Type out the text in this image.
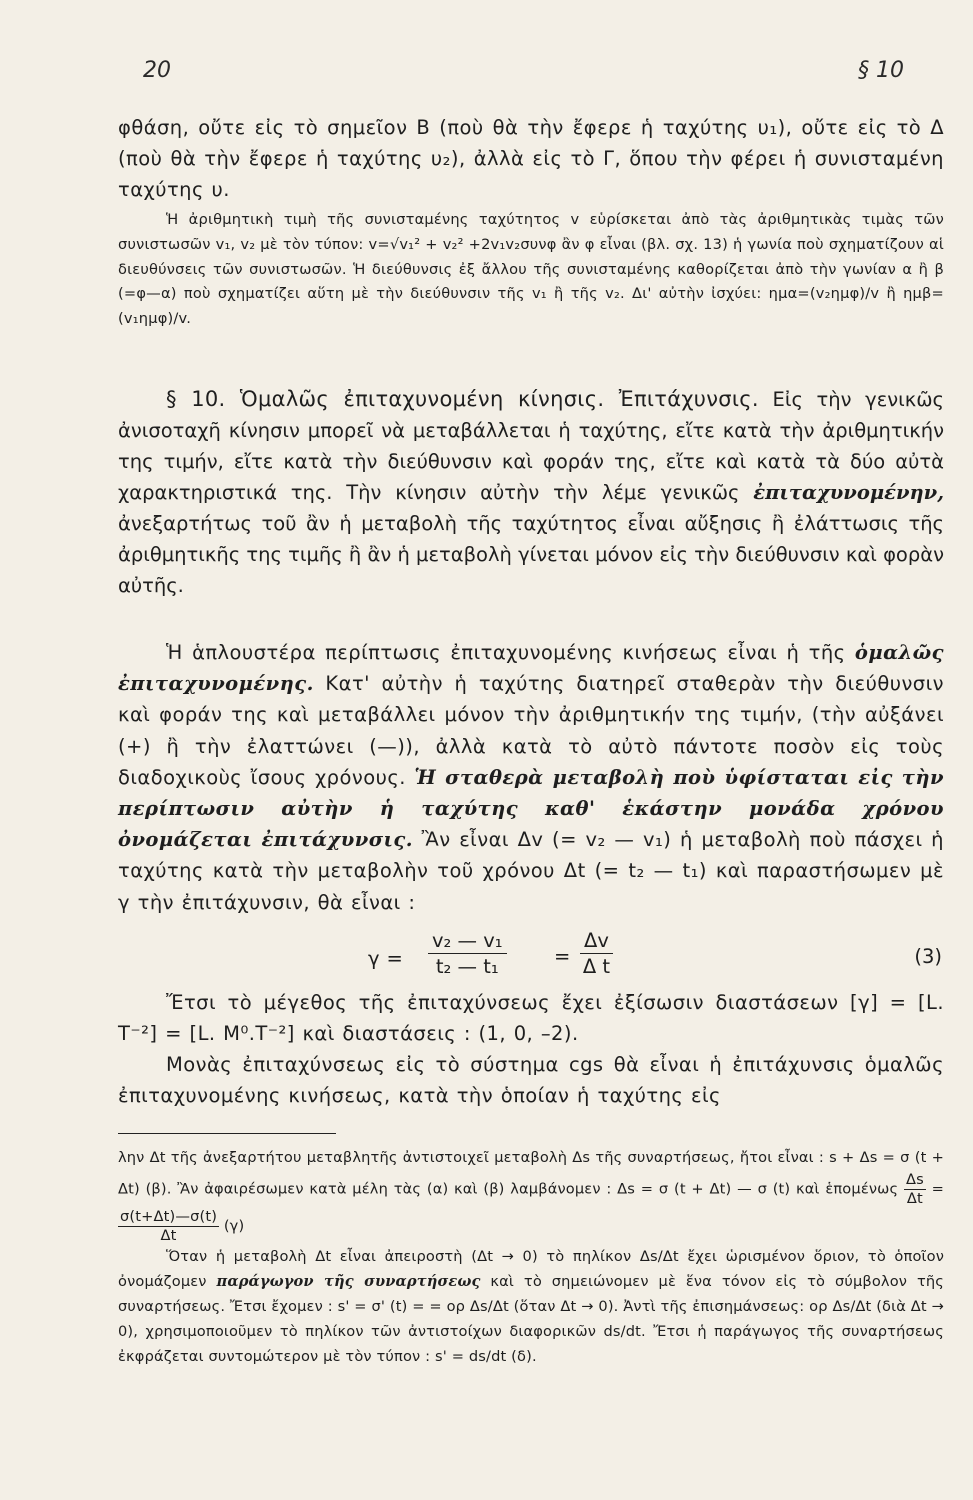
20	§ 10

φθάση, οὔτε εἰς τὸ σημεῖον Β (ποὺ θὰ τὴν ἔφερε ἡ ταχύτης υ₁), οὔτε εἰς τὸ Δ (ποὺ θὰ τὴν ἔφερε ἡ ταχύτης υ₂), ἀλλὰ εἰς τὸ Γ, ὅπου τὴν φέρει ἡ συνισταμένη ταχύτης υ.

Ἡ ἀριθμητικὴ τιμὴ τῆς συνισταμένης ταχύτητος v εὑρίσκεται ἀπὸ τὰς ἀριθμητικὰς τιμὰς τῶν συνιστωσῶν v₁, v₂ μὲ τὸν τύπον: v=√v₁² + v₂² +2v₁v₂συνφ ἂν φ εἶναι (βλ. σχ. 13) ἡ γωνία ποὺ σχηματίζουν αἱ διευθύνσεις τῶν συνιστωσῶν. Ἡ διεύθυνσις ἐξ ἄλλου τῆς συνισταμένης καθορίζεται ἀπὸ τὴν γωνίαν α ἢ β (=φ—α) ποὺ σχηματίζει αὕτη μὲ τὴν διεύθυνσιν τῆς v₁ ἢ τῆς v₂. Δι' αὐτὴν ἰσχύει: ημα=(v₂ημφ)/v ἢ ημβ=(v₁ημφ)/v.

§ 10. Ὁμαλῶς ἐπιταχυνομένη κίνησις. Ἐπιτάχυνσις. Εἰς τὴν γενικῶς ἀνισοταχῆ κίνησιν μπορεῖ νὰ μεταβάλλεται ἡ ταχύτης, εἴτε κατὰ τὴν ἀριθμητικήν της τιμήν, εἴτε κατὰ τὴν διεύθυνσιν καὶ φοράν της, εἴτε καὶ κατὰ τὰ δύο αὐτὰ χαρακτηριστικά της. Τὴν κίνησιν αὐτὴν τὴν λέμε γενικῶς ἐπιταχυνομένην, ἀνεξαρτήτως τοῦ ἂν ἡ μεταβολὴ τῆς ταχύτητος εἶναι αὔξησις ἢ ἐλάττωσις τῆς ἀριθμητικῆς της τιμῆς ἢ ἂν ἡ μεταβολὴ γίνεται μόνον εἰς τὴν διεύθυνσιν καὶ φορὰν αὐτῆς.

Ἡ ἁπλουστέρα περίπτωσις ἐπιταχυνομένης κινήσεως εἶναι ἡ τῆς ὁμαλῶς ἐπιταχυνομένης. Κατ' αὐτὴν ἡ ταχύτης διατηρεῖ σταθερὰν τὴν διεύθυνσιν καὶ φοράν της καὶ μεταβάλλει μόνον τὴν ἀριθμητικήν της τιμήν, (τὴν αὐξάνει (+) ἢ τὴν ἐλαττώνει (—)), ἀλλὰ κατὰ τὸ αὐτὸ πάντοτε ποσὸν εἰς τοὺς διαδοχικοὺς ἴσους χρόνους. Ἡ σταθερὰ μεταβολὴ ποὺ ὑφίσταται εἰς τὴν περίπτωσιν αὐτὴν ἡ ταχύτης καθ' ἑκάστην μονάδα χρόνου ὀνομάζεται ἐπιτάχυνσις. Ἂν εἶναι Δv (= v₂ — v₁) ἡ μεταβολὴ ποὺ πάσχει ἡ ταχύτης κατὰ τὴν μεταβολὴν τοῦ χρόνου Δt (= t₂ — t₁) καὶ παραστήσωμεν μὲ γ τὴν ἐπιτάχυνσιν, θὰ εἶναι :

$\gamma = \frac{\text{v₂ — v₁}}{\text{t₂ — t₁}} = \frac{\Delta v}{\text{Δ t}}$	(3)

Ἔτσι τὸ μέγεθος τῆς ἐπιταχύνσεως ἔχει ἐξίσωσιν διαστάσεων [γ] = [L. T⁻²] = [L. M⁰.T⁻²] καὶ διαστάσεις : (1, 0, –2).

Μονὰς ἐπιταχύνσεως εἰς τὸ σύστημα cgs θὰ εἶναι ἡ ἐπιτάχυνσις ὁμαλῶς ἐπιταχυνομένης κινήσεως, κατὰ τὴν ὁποίαν ἡ ταχύτης εἰς

λην Δt τῆς ἀνεξαρτήτου μεταβλητῆς ἀντιστοιχεῖ μεταβολὴ Δs τῆς συναρτήσεως, ἤτοι εἶναι : s + Δs = σ (t + Δt) (β). Ἂν ἀφαιρέσωμεν κατὰ μέλη τὰς (α) καὶ (β) λαμβάνομεν : Δs = σ (t + Δt) — σ (t) καὶ ἑπομένως $\frac{\Delta s}{\Delta t}$ =
$\frac{\sigma(t+\Delta t)—\sigma(t)}{\Delta t} (\gamma)$

Ὅταν ἡ μεταβολὴ Δt εἶναι ἀπειροστὴ (Δt → 0) τὸ πηλίκον Δs/Δt ἔχει ὡρισμένον ὅριον, τὸ ὁποῖον ὀνομάζομεν παράγωγον τῆς συναρτήσεως καὶ τὸ σημειώνομεν μὲ ἕνα τόνον εἰς τὸ σύμβολον τῆς συναρτήσεως. Ἔτσι ἔχομεν : s' = σ' (t) = = ορ Δs/Δt (ὅταν Δt → 0). Ἀντὶ τῆς ἐπισημάνσεως: ορ Δs/Δt (διὰ Δt → 0), χρησιμοποιοῦμεν τὸ πηλίκον τῶν ἀντιστοίχων διαφορικῶν ds/dt. Ἔτσι ἡ παράγωγος τῆς συναρτήσεως ἐκφράζεται συντομώτερον μὲ τὸν τύπον : s' = ds/dt (δ).
